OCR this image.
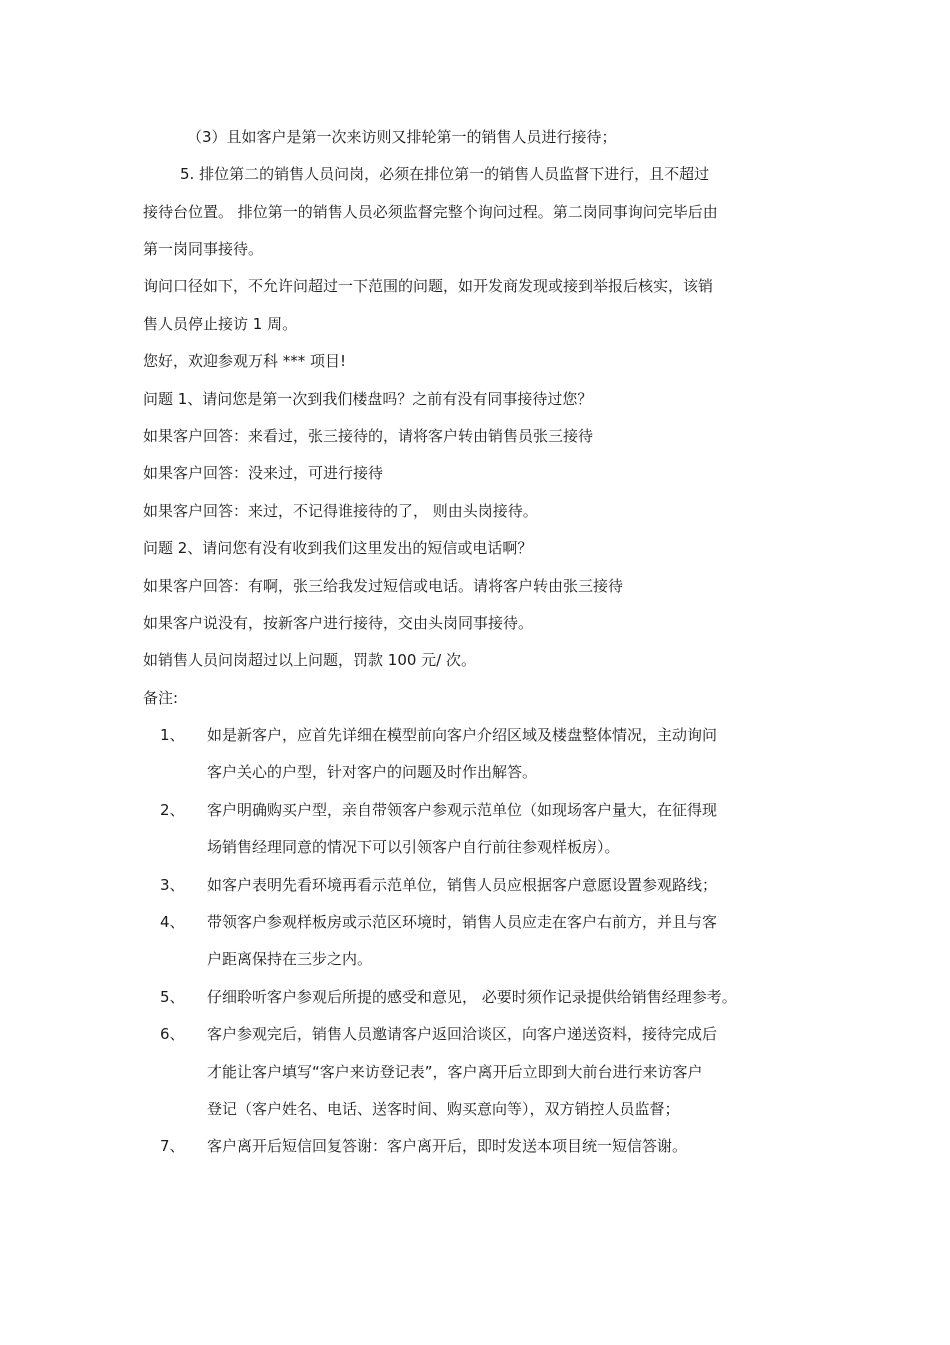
（3）且如客户是第一次来访则又排轮第一的销售人员进行接待；
5. 排位第二的销售人员问岗，必须在排位第一的销售人员监督下进行，且不超过
接待台位置。 排位第一的销售人员必须监督完整个询问过程。第二岗同事询问完毕后由
第一岗同事接待。
询问口径如下，不允许问超过一下范围的问题，如开发商发现或接到举报后核实，该销
售人员停止接访 1 周。
您好，欢迎参观万科 *** 项目!
问题 1、请问您是第一次到我们楼盘吗？之前有没有同事接待过您？
如果客户回答：来看过，张三接待的，请将客户转由销售员张三接待
如果客户回答：没来过，可进行接待
如果客户回答：来过，不记得谁接待的了， 则由头岗接待。
问题 2、请问您有没有收到我们这里发出的短信或电话啊？
如果客户回答：有啊，张三给我发过短信或电话。请将客户转由张三接待
如果客户说没有，按新客户进行接待，交由头岗同事接待。
如销售人员问岗超过以上问题，罚款 100 元/ 次。
备注:
1、 如是新客户，应首先详细在模型前向客户介绍区域及楼盘整体情况，主动询问
客户关心的户型，针对客户的问题及时作出解答。
2、 客户明确购买户型，亲自带领客户参观示范单位（如现场客户量大，在征得现
场销售经理同意的情况下可以引领客户自行前往参观样板房）。
3、 如客户表明先看环境再看示范单位，销售人员应根据客户意愿设置参观路线；
4、 带领客户参观样板房或示范区环境时，销售人员应走在客户右前方，并且与客
户距离保持在三步之内。
5、 仔细聆听客户参观后所提的感受和意见， 必要时须作记录提供给销售经理参考。
6、 客户参观完后，销售人员邀请客户返回洽谈区，向客户递送资料，接待完成后
才能让客户填写“客户来访登记表”，客户离开后立即到大前台进行来访客户
登记（客户姓名、电话、送客时间、购买意向等），双方销控人员监督；
7、 客户离开后短信回复答谢：客户离开后，即时发送本项目统一短信答谢。
